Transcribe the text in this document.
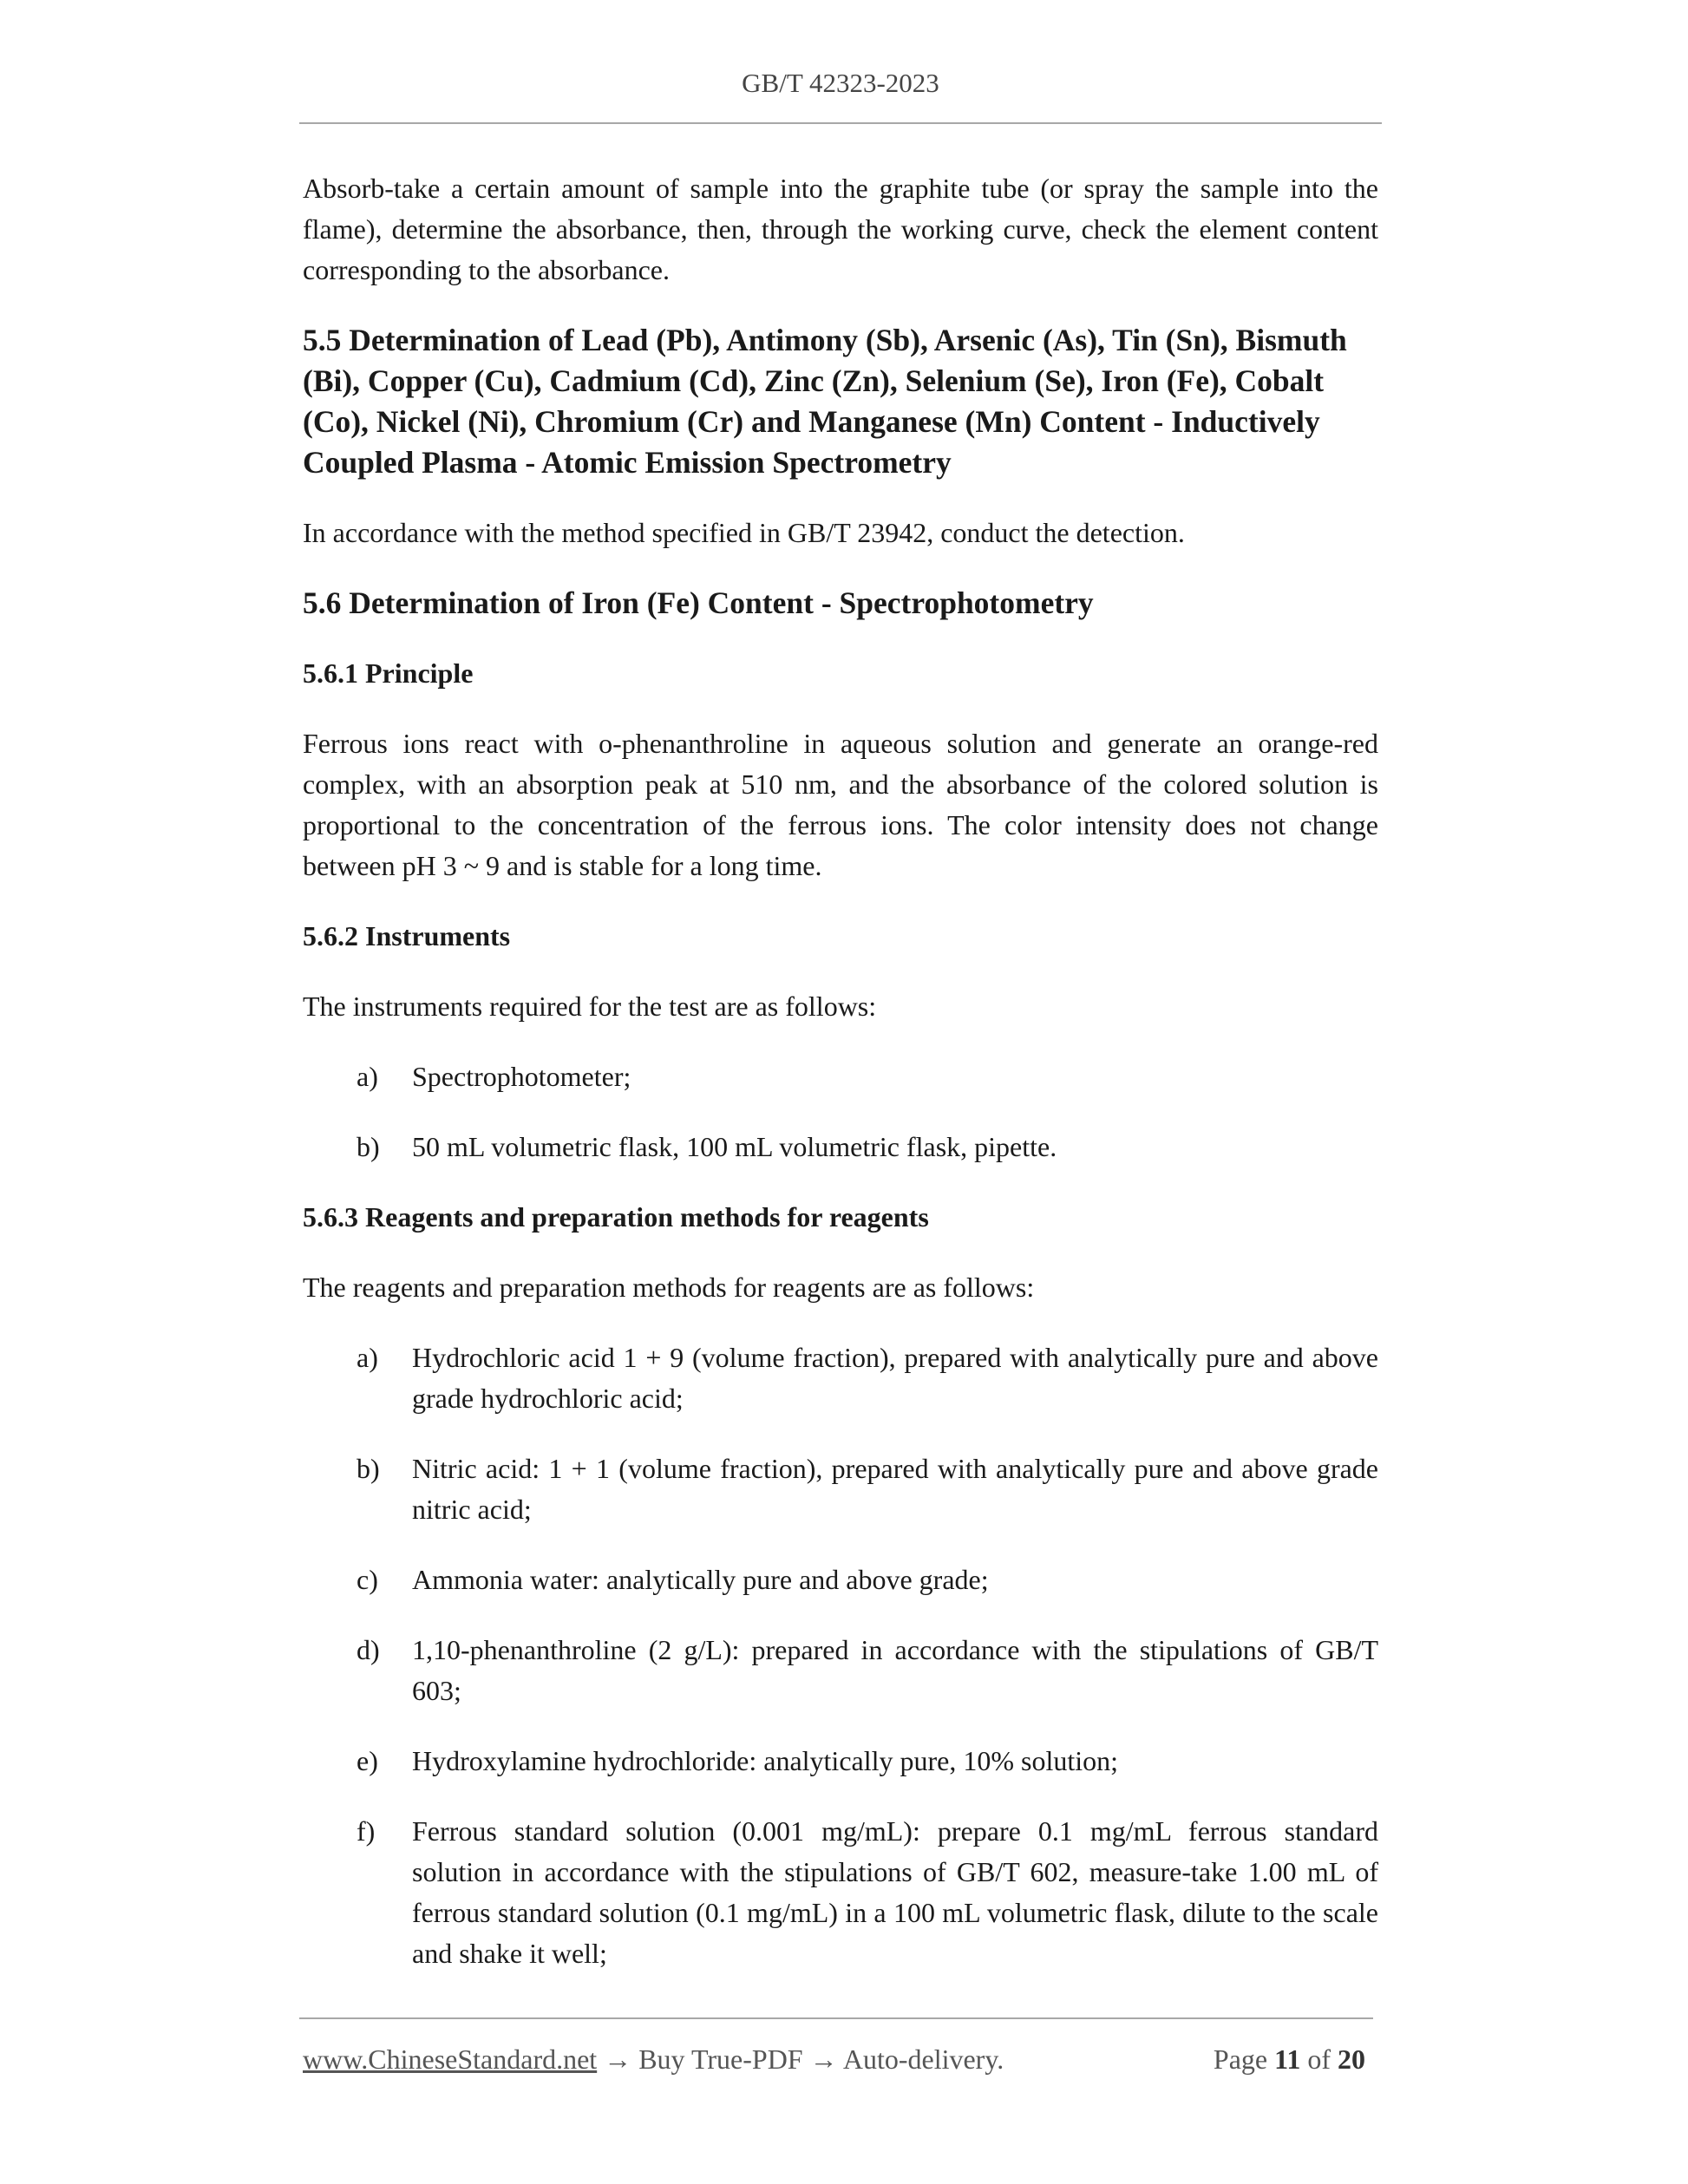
GB/T 42323-2023

Absorb-take a certain amount of sample into the graphite tube (or spray the sample into the flame), determine the absorbance, then, through the working curve, check the element content corresponding to the absorbance.

5.5 Determination of Lead (Pb), Antimony (Sb), Arsenic (As), Tin (Sn), Bismuth (Bi), Copper (Cu), Cadmium (Cd), Zinc (Zn), Selenium (Se), Iron (Fe), Cobalt (Co), Nickel (Ni), Chromium (Cr) and Manganese (Mn) Content - Inductively Coupled Plasma - Atomic Emission Spectrometry

In accordance with the method specified in GB/T 23942, conduct the detection.

5.6 Determination of Iron (Fe) Content - Spectrophotometry
5.6.1 Principle

Ferrous ions react with o-phenanthroline in aqueous solution and generate an orange-red complex, with an absorption peak at 510 nm, and the absorbance of the colored solution is proportional to the concentration of the ferrous ions. The color intensity does not change between pH 3 ~ 9 and is stable for a long time.

5.6.2 Instruments

The instruments required for the test are as follows:

a)	Spectrophotometer;
b)	50 mL volumetric flask, 100 mL volumetric flask, pipette.
5.6.3 Reagents and preparation methods for reagents

The reagents and preparation methods for reagents are as follows:

a)	Hydrochloric acid 1 + 9 (volume fraction), prepared with analytically pure and above grade hydrochloric acid;
b)	Nitric acid: 1 + 1 (volume fraction), prepared with analytically pure and above grade nitric acid;
c)	Ammonia water: analytically pure and above grade;
d)	1,10-phenanthroline (2 g/L): prepared in accordance with the stipulations of GB/T 603;
e)	Hydroxylamine hydrochloride: analytically pure, 10% solution;
f)	Ferrous standard solution (0.001 mg/mL): prepare 0.1 mg/mL ferrous standard solution in accordance with the stipulations of GB/T 602, measure-take 1.00 mL of ferrous standard solution (0.1 mg/mL) in a 100 mL volumetric flask, dilute to the scale and shake it well;
www.ChineseStandard.net → Buy True-PDF → Auto-delivery.	Page 11 of 20
